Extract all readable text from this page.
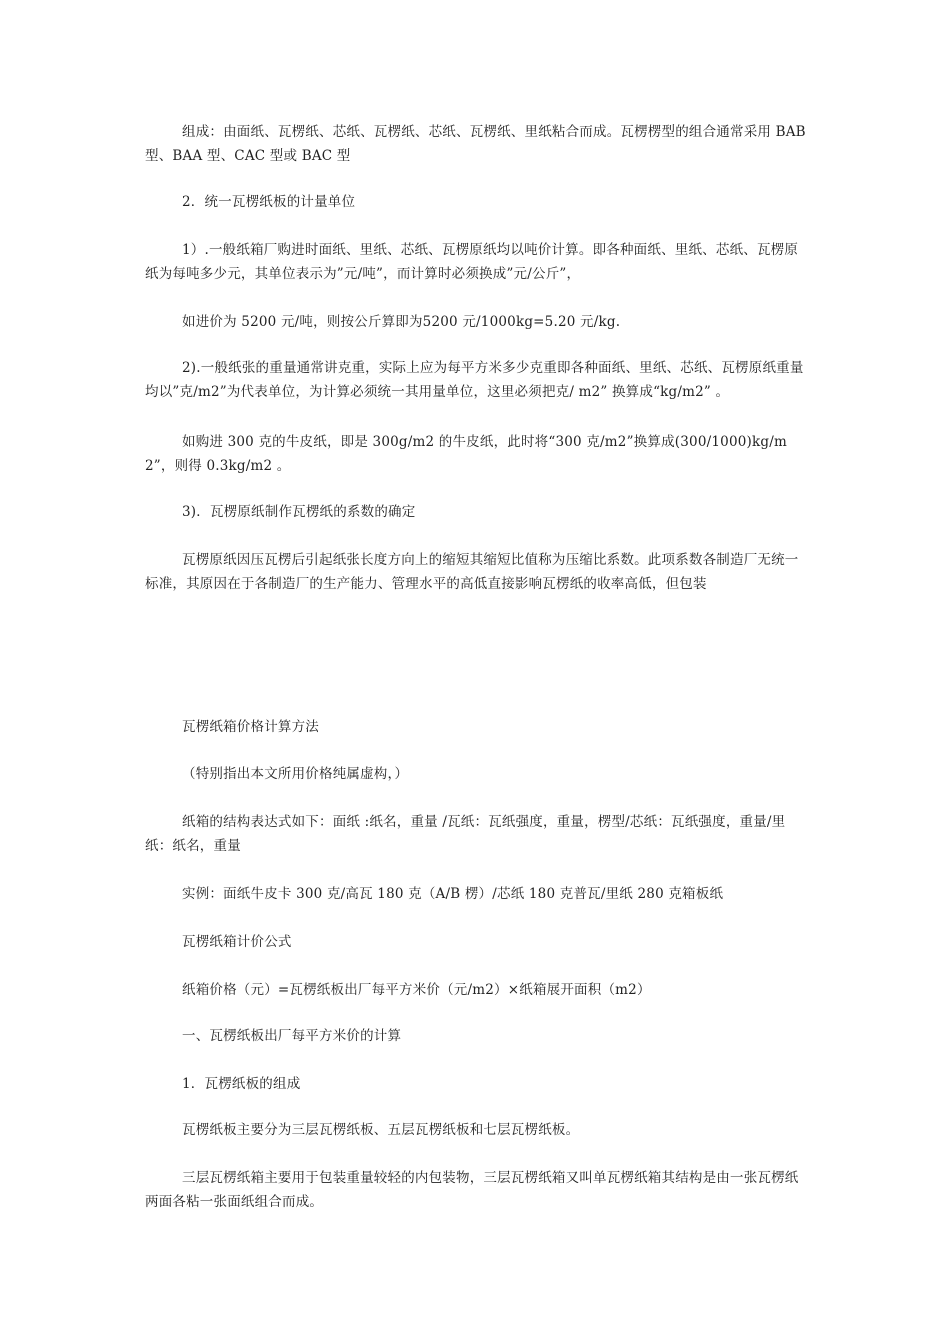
组成：由面纸、瓦楞纸、芯纸、瓦楞纸、芯纸、瓦楞纸、里纸粘合而成。瓦楞楞型的组合通常采用 BAB 型、BAA 型、CAC 型或 BAC 型

2．统一瓦楞纸板的计量单位

1）.一般纸箱厂购进时面纸、里纸、芯纸、瓦楞原纸均以吨价计算。即各种面纸、里纸、芯纸、瓦楞原纸为每吨多少元，其单位表示为”元/吨”，而计算时必须换成”元/公斤”，

如进价为 5200 元/吨，则按公斤算即为5200 元/1000kg=5.20 元/kg.

2).一般纸张的重量通常讲克重，实际上应为每平方米多少克重即各种面纸、里纸、芯纸、瓦楞原纸重量均以”克/m2”为代表单位，为计算必须统一其用量单位，这里必须把克/ m2” 换算成“kg/m2” 。

如购进 300 克的牛皮纸，即是 300g/m2 的牛皮纸，此时将“300 克/m2”换算成(300/1000)kg/m2”，则得 0.3kg/m2 。

3)．瓦楞原纸制作瓦楞纸的系数的确定

瓦楞原纸因压瓦楞后引起纸张长度方向上的缩短其缩短比值称为压缩比系数。此项系数各制造厂无统一标准，其原因在于各制造厂的生产能力、管理水平的高低直接影响瓦楞纸的收率高低，但包装

瓦楞纸箱价格计算方法

（特别指出本文所用价格纯属虚构，）

纸箱的结构表达式如下：面纸 :纸名，重量 /瓦纸：瓦纸强度，重量，楞型/芯纸：瓦纸强度，重量/里纸：纸名，重量

实例：面纸牛皮卡 300 克/高瓦 180 克（A/B 楞）/芯纸 180 克普瓦/里纸 280 克箱板纸

瓦楞纸箱计价公式

纸箱价格（元）=瓦楞纸板出厂每平方米价（元/m2）×纸箱展开面积（m2）

一、瓦楞纸板出厂每平方米价的计算

1．瓦楞纸板的组成

瓦楞纸板主要分为三层瓦楞纸板、五层瓦楞纸板和七层瓦楞纸板。

三层瓦楞纸箱主要用于包装重量较轻的内包装物，三层瓦楞纸箱又叫单瓦楞纸箱其结构是由一张瓦楞纸两面各粘一张面纸组合而成。
